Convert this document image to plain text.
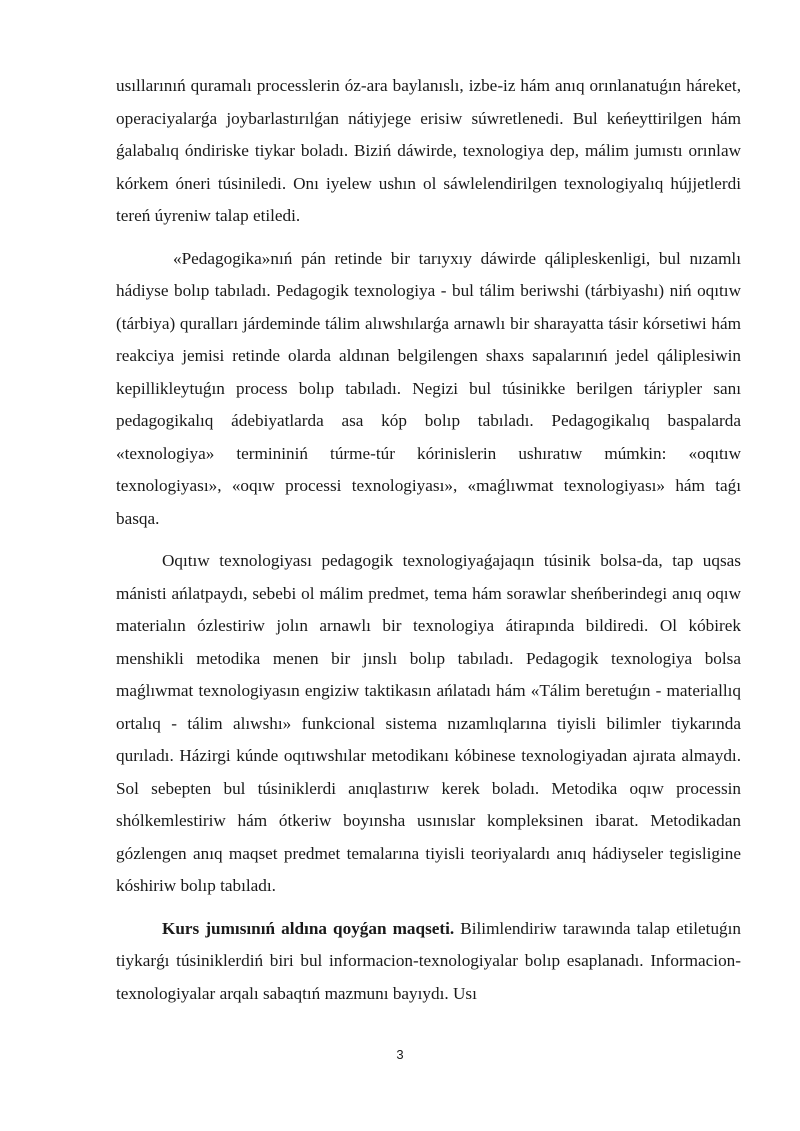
usıllarınıń quramalı processlerin óz-ara baylanıslı, izbe-iz hám anıq orınlanatuǵın háreket, operaciyalarǵa joybarlastırılǵan nátiyjege erisiw súwretlenedi. Bul keńeyttirilgen hám ǵalabalıq óndiriske tiykar boladı. Biziń dáwirde, texnologiya dep, málim jumıstı orınlaw kórkem óneri túsiniledi. Onı iyelew ushın ol sáwlelendirilgen texnologiyalıq hújjetlerdi tereń úyreniw talap etiledi.

«Pedagogika»nıń pán retinde bir tarıyxıy dáwirde qálipleskenligi, bul nızamlı hádiyse bolıp tabıladı. Pedagogik texnologiya - bul tálim beriwshi (tárbiyashı) niń oqıtıw (tárbiya) quralları járdeminde tálim alıwshılarǵa arnawlı bir sharayatta tásir kórsetiwi hám reakciya jemisi retinde olarda aldınan belgilengen shaxs sapalarınıń jedel qáliplesiwin kepillikleytuǵın process bolıp tabıladı. Negizi bul túsinikke berilgen táriypler sanı pedagogikalıq ádebiyatlarda asa kóp bolıp tabıladı. Pedagogikalıq baspalarda «texnologiya» termininiń túrme-túr kórinislerin ushıratıw múmkin: «oqıtıw texnologiyası», «oqıw processi texnologiyası», «maǵlıwmat texnologiyası» hám taǵı basqa.

Oqıtıw texnologiyası pedagogik texnologiyaǵajaqın túsinik bolsa-da, tap uqsas mánisti ańlatpaydı, sebebi ol málim predmet, tema hám sorawlar sheńberindegi anıq oqıw materialın ózlestiriw jolın arnawlı bir texnologiya átirapında bildiredi. Ol kóbirek menshikli metodika menen bir jınslı bolıp tabıladı. Pedagogik texnologiya bolsa maǵlıwmat texnologiyasın engiziw taktikasın ańlatadı hám «Tálim beretuǵın - materiallıq ortalıq - tálim alıwshı» funkcional sistema nızamlıqlarına tiyisli bilimler tiykarında qurıladı. Házirgi kúnde oqıtıwshılar metodikanı kóbinese texnologiyadan ajırata almaydı. Sol sebepten bul túsiniklerdi anıqlastırıw kerek boladı. Metodika oqıw processin shólkemlestiriw hám ótkeriw boyınsha usınıslar kompleksinen ibarat. Metodikadan gózlengen anıq maqset predmet temalarına tiyisli teoriyalardı anıq hádiyseler tegisligine kóshiriw bolıp tabıladı.

Kurs jumısınıń aldına qoyǵan maqseti. Bilimlendiriw tarawında talap etiletuǵın tiykarǵı túsiniklerdiń biri bul informacion-texnologiyalar bolıp esaplanadı. Informacion-texnologiyalar arqalı sabaqtıń mazmunı bayıydı. Usı

3
